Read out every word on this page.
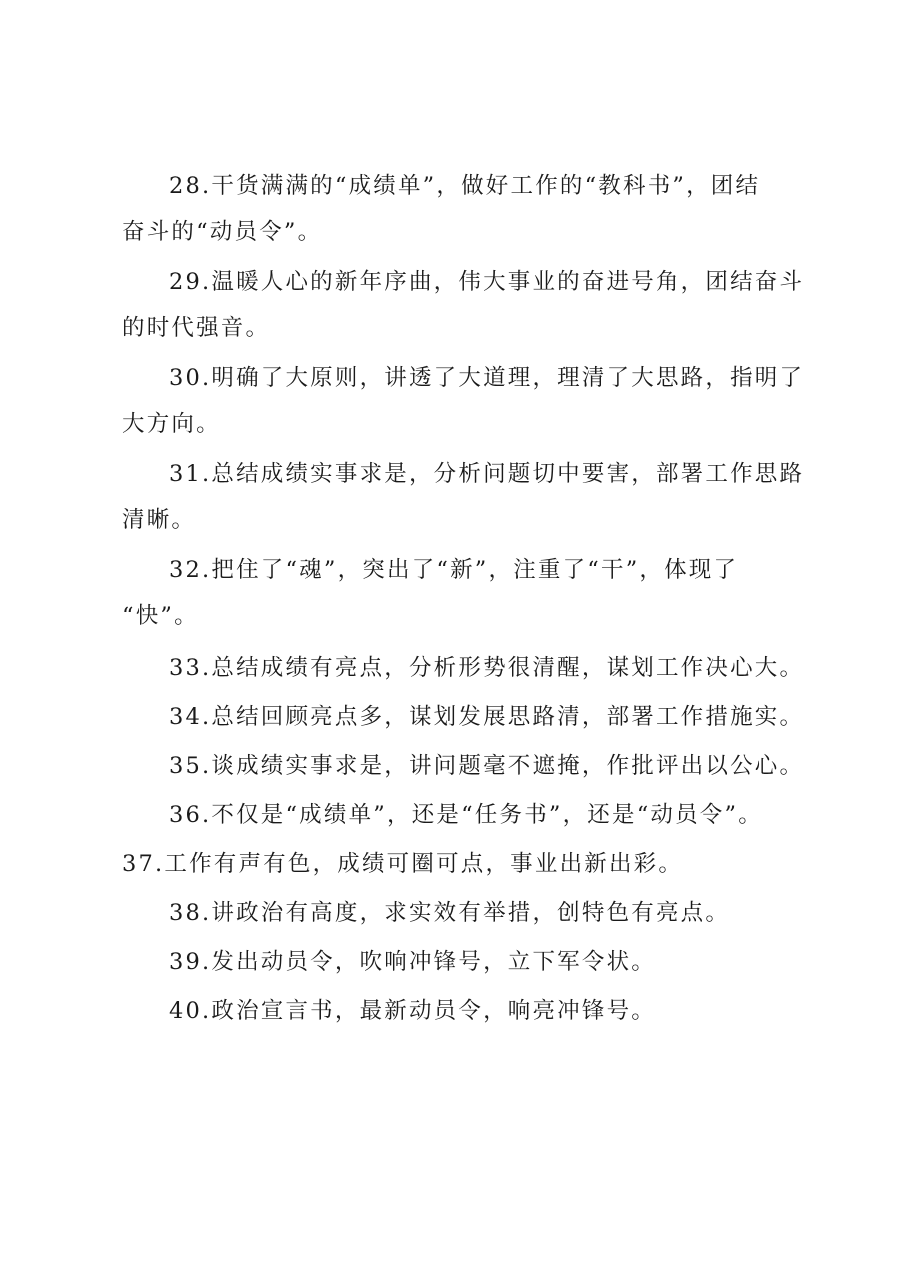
28.干货满满的“成绩单”，做好工作的“教科书”，团结
奋斗的“动员令”。

29.温暖人心的新年序曲，伟大事业的奋进号角，团结奋斗
的时代强音。

30.明确了大原则，讲透了大道理，理清了大思路，指明了
大方向。

31.总结成绩实事求是，分析问题切中要害，部署工作思路
清晰。

32.把住了“魂”，突出了“新”，注重了“干”，体现了
“快”。

33.总结成绩有亮点，分析形势很清醒，谋划工作决心大。

34.总结回顾亮点多，谋划发展思路清，部署工作措施实。

35.谈成绩实事求是，讲问题毫不遮掩，作批评出以公心。

36.不仅是“成绩单”，还是“任务书”，还是“动员令”。

37.工作有声有色，成绩可圈可点，事业出新出彩。

38.讲政治有高度，求实效有举措，创特色有亮点。

39.发出动员令，吹响冲锋号，立下军令状。

40.政治宣言书，最新动员令，响亮冲锋号。
